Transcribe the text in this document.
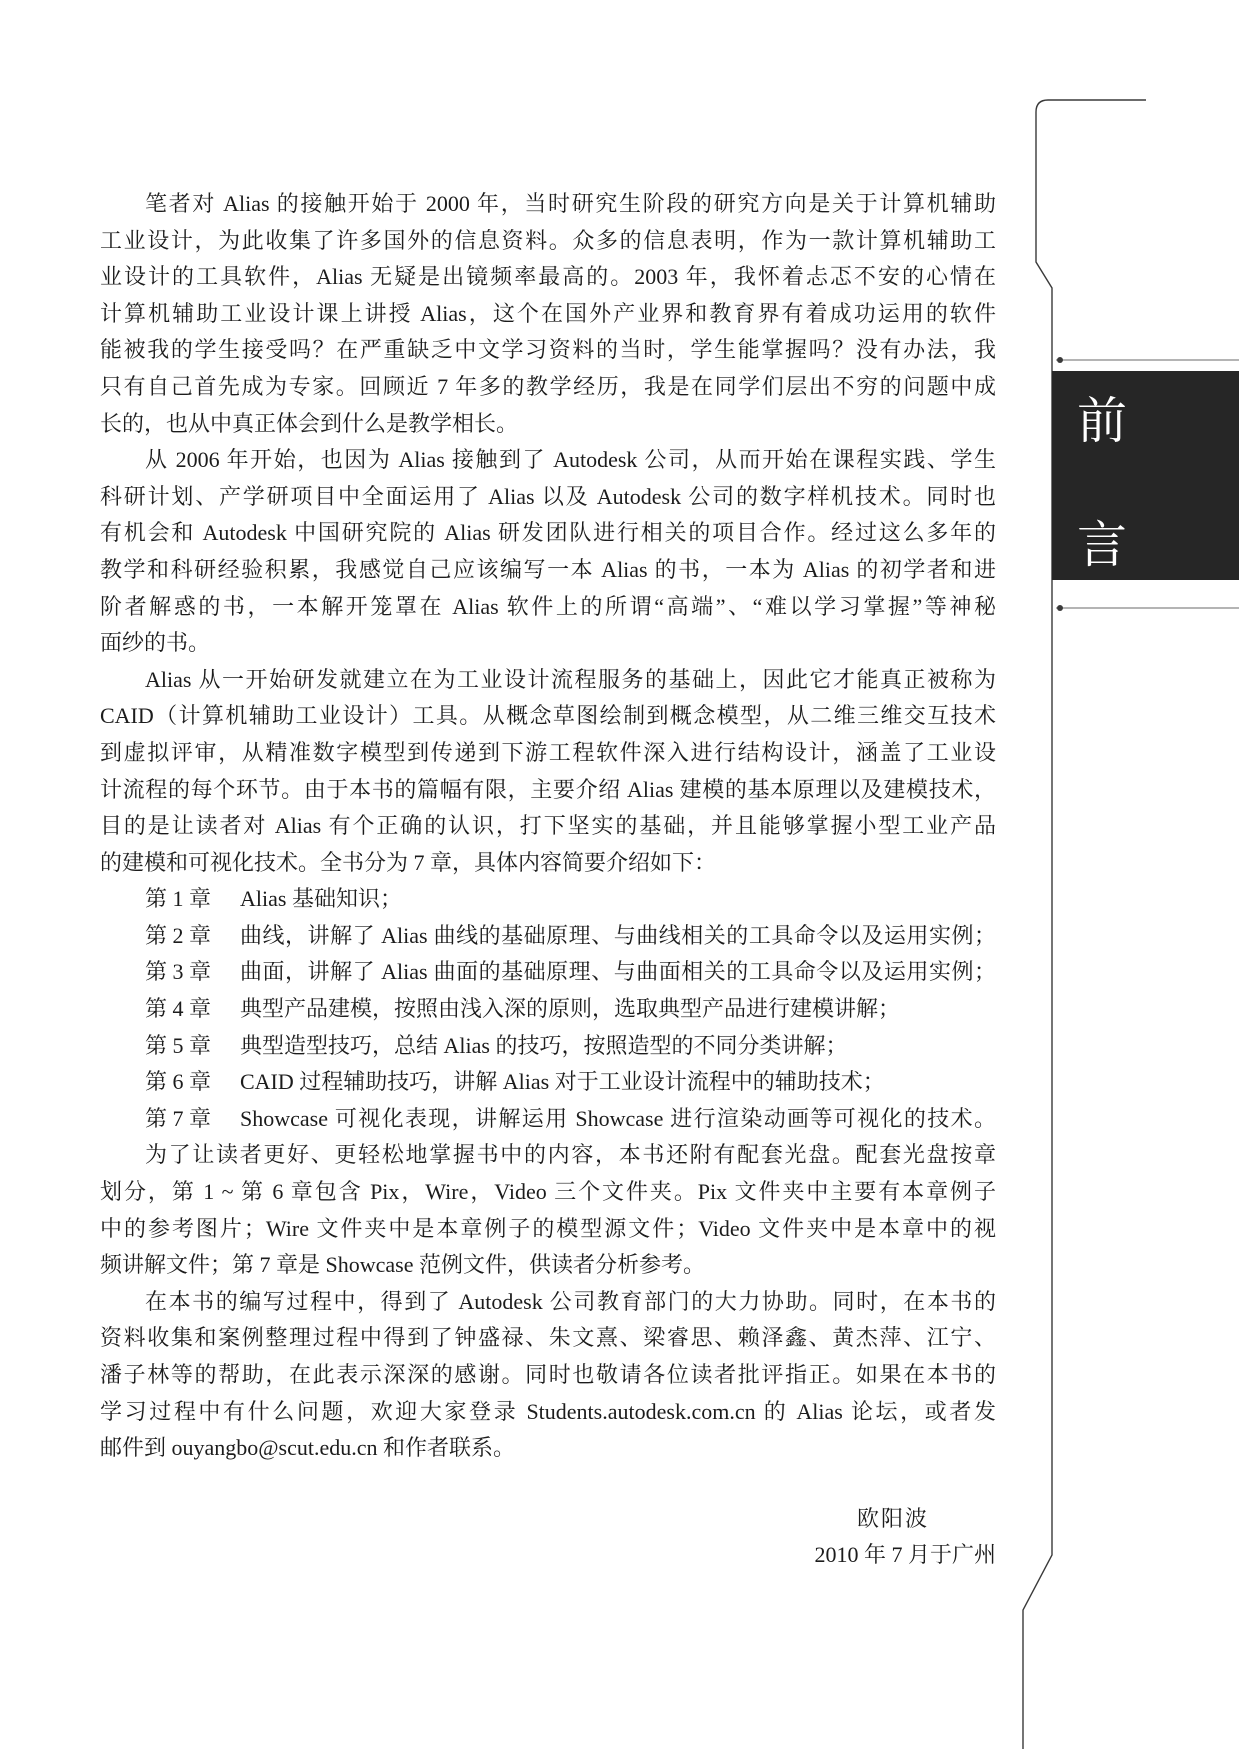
前
言
笔者对 Alias 的接触开始于 2000 年，当时研究生阶段的研究方向是关于计算机辅助
工业设计，为此收集了许多国外的信息资料。众多的信息表明，作为一款计算机辅助工
业设计的工具软件，Alias 无疑是出镜频率最高的。2003 年，我怀着忐忑不安的心情在
计算机辅助工业设计课上讲授 Alias，这个在国外产业界和教育界有着成功运用的软件
能被我的学生接受吗？在严重缺乏中文学习资料的当时，学生能掌握吗？没有办法，我
只有自己首先成为专家。回顾近 7 年多的教学经历，我是在同学们层出不穷的问题中成
长的，也从中真正体会到什么是教学相长。
从 2006 年开始，也因为 Alias 接触到了 Autodesk 公司，从而开始在课程实践、学生
科研计划、产学研项目中全面运用了 Alias 以及 Autodesk 公司的数字样机技术。同时也
有机会和 Autodesk 中国研究院的 Alias 研发团队进行相关的项目合作。经过这么多年的
教学和科研经验积累，我感觉自己应该编写一本 Alias 的书，一本为 Alias 的初学者和进
阶者解惑的书，一本解开笼罩在 Alias 软件上的所谓“高端”、“难以学习掌握”等神秘
面纱的书。
Alias 从一开始研发就建立在为工业设计流程服务的基础上，因此它才能真正被称为
CAID（计算机辅助工业设计）工具。从概念草图绘制到概念模型，从二维三维交互技术
到虚拟评审，从精准数字模型到传递到下游工程软件深入进行结构设计，涵盖了工业设
计流程的每个环节。由于本书的篇幅有限，主要介绍 Alias 建模的基本原理以及建模技术，
目的是让读者对 Alias 有个正确的认识，打下坚实的基础，并且能够掌握小型工业产品
的建模和可视化技术。全书分为 7 章，具体内容简要介绍如下：
第 1 章	Alias 基础知识；
第 2 章	曲线，讲解了 Alias 曲线的基础原理、与曲线相关的工具命令以及运用实例；
第 3 章	曲面，讲解了 Alias 曲面的基础原理、与曲面相关的工具命令以及运用实例；
第 4 章	典型产品建模，按照由浅入深的原则，选取典型产品进行建模讲解；
第 5 章	典型造型技巧，总结 Alias 的技巧，按照造型的不同分类讲解；
第 6 章	CAID 过程辅助技巧，讲解 Alias 对于工业设计流程中的辅助技术；
第 7 章	Showcase 可视化表现，讲解运用 Showcase 进行渲染动画等可视化的技术。
为了让读者更好、更轻松地掌握书中的内容，本书还附有配套光盘。配套光盘按章
划分，第 1 ~ 第 6 章包含 Pix，Wire，Video 三个文件夹。Pix 文件夹中主要有本章例子
中的参考图片；Wire 文件夹中是本章例子的模型源文件；Video 文件夹中是本章中的视
频讲解文件；第 7 章是 Showcase 范例文件，供读者分析参考。
在本书的编写过程中，得到了 Autodesk 公司教育部门的大力协助。同时，在本书的
资料收集和案例整理过程中得到了钟盛禄、朱文熹、梁睿思、赖泽鑫、黄杰萍、江宁、
潘子林等的帮助，在此表示深深的感谢。同时也敬请各位读者批评指正。如果在本书的
学习过程中有什么问题，欢迎大家登录 Students.autodesk.com.cn 的 Alias 论坛，或者发
邮件到 ouyangbo@scut.edu.cn 和作者联系。
欧阳波
2010 年 7 月于广州
